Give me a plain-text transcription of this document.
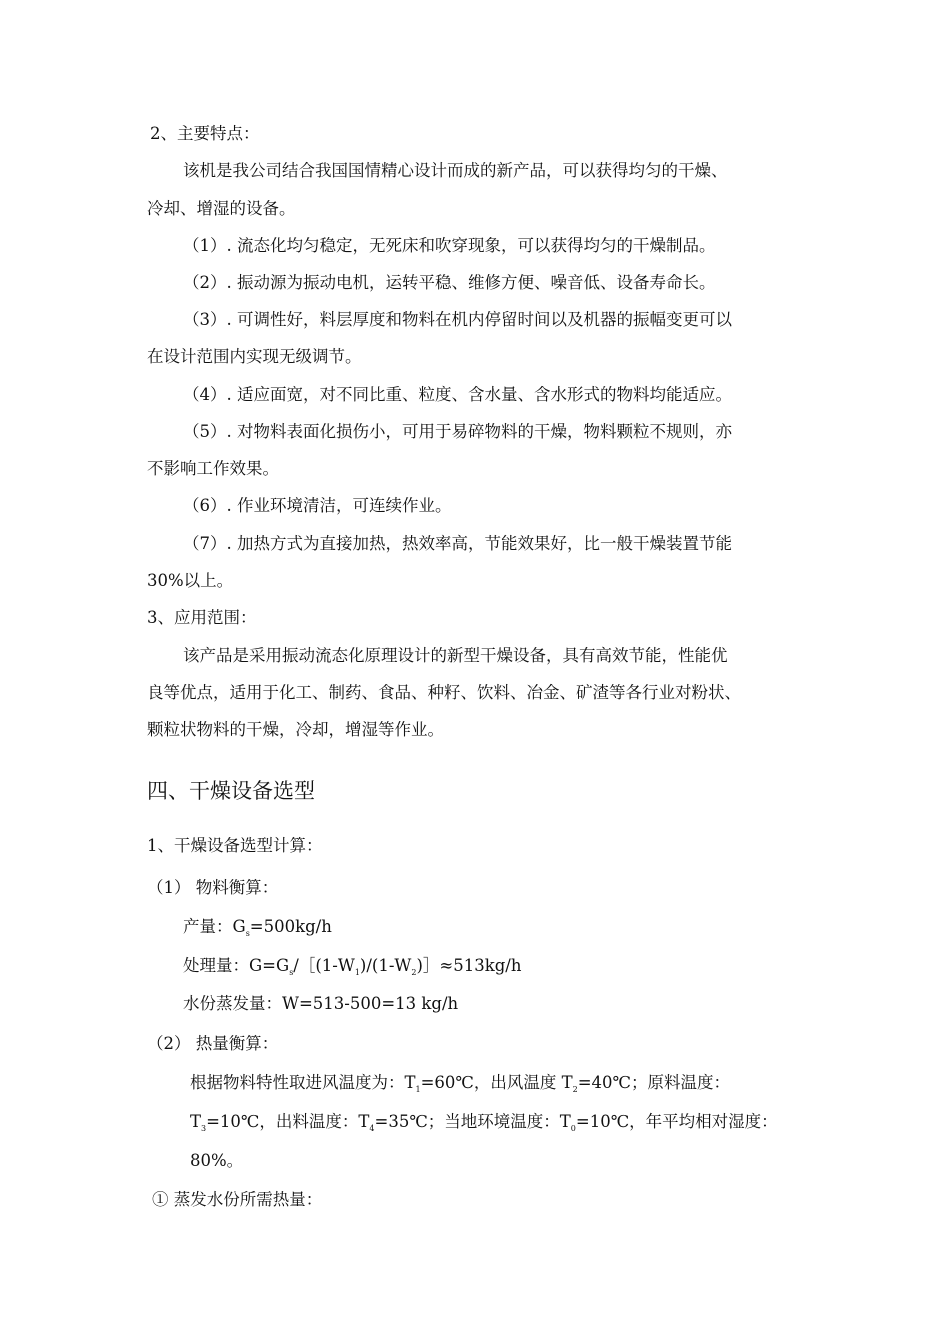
2、主要特点：
该机是我公司结合我国国情精心设计而成的新产品，可以获得均匀的干燥、
冷却、增湿的设备。
（1）. 流态化均匀稳定，无死床和吹穿现象，可以获得均匀的干燥制品。
（2）. 振动源为振动电机，运转平稳、维修方便、噪音低、设备寿命长。
（3）. 可调性好，料层厚度和物料在机内停留时间以及机器的振幅变更可以
在设计范围内实现无级调节。
（4）. 适应面宽，对不同比重、粒度、含水量、含水形式的物料均能适应。
（5）. 对物料表面化损伤小，可用于易碎物料的干燥，物料颗粒不规则，亦
不影响工作效果。
（6）. 作业环境清洁，可连续作业。
（7）. 加热方式为直接加热，热效率高，节能效果好，比一般干燥装置节能
30%以上。
3、应用范围：
该产品是采用振动流态化原理设计的新型干燥设备，具有高效节能，性能优
良等优点，适用于化工、制药、食品、种籽、饮料、冶金、矿渣等各行业对粉状、
颗粒状物料的干燥，冷却，增湿等作业。
四、干燥设备选型
1、干燥设备选型计算：
（1） 物料衡算：
产量：$G_s=500kg/h$
处理量：$G=G_s/[(1-W_1)/(1-W_2)]\approx 513kg/h$
水份蒸发量：W=513-500=13 kg/h
（2） 热量衡算：
根据物料特性取进风温度为：$T_1=60℃$，出风温度 $T_2=40℃$；原料温度：
$T_3=10℃$，出料温度：$T_4=35℃$；当地环境温度：$T_0=10℃$，年平均相对湿度：
80%。
① 蒸发水份所需热量：
